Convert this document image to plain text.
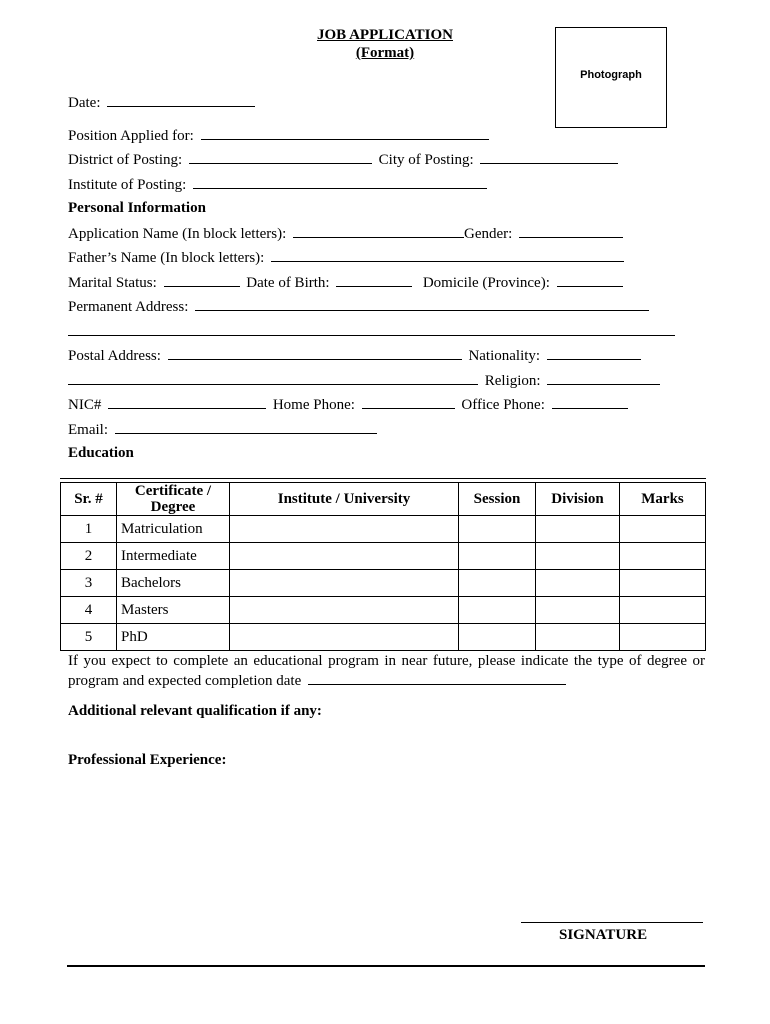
JOB APPLICATION
(Format)
Photograph
Date:
Position Applied for:
District of Posting:	City of Posting:
Institute of Posting:
Personal Information
Application Name (In block letters):	Gender:
Father’s Name (In block letters):
Marital Status:	Date of Birth:	Domicile (Province):
Permanent Address:
Postal Address:	Nationality:
Religion:
NIC#	Home Phone:	Office Phone:
Email:
Education
Sr. #	Certificate / Degree	Institute / University	Session	Division	Marks
1	Matriculation				
2	Intermediate				
3	Bachelors				
4	Masters				
5	PhD				
If you expect to complete an educational program in near future, please indicate the type of degree or program and expected completion date
Additional relevant qualification if any:
Professional Experience:
SIGNATURE
